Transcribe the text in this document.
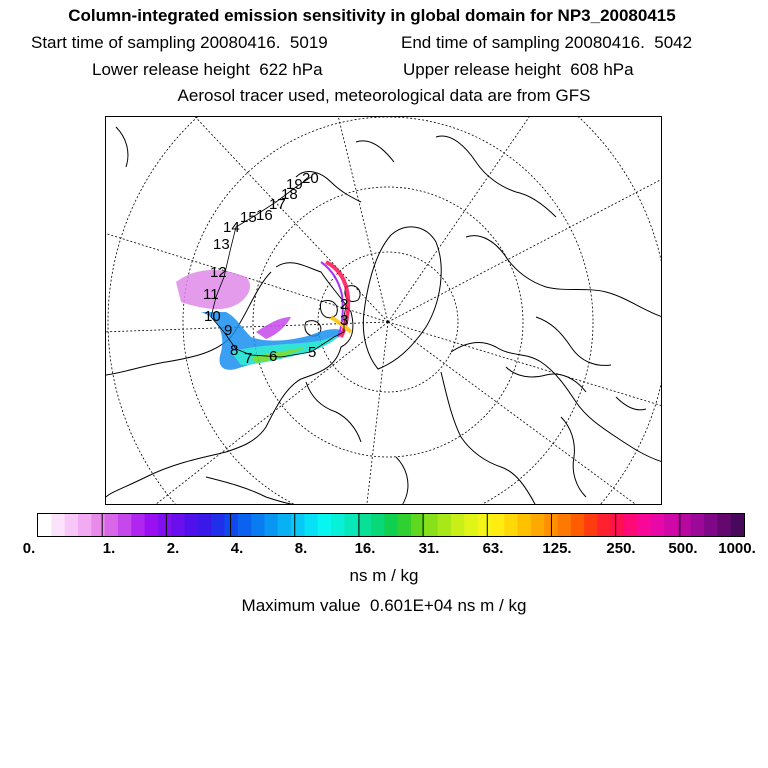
Column-integrated emission sensitivity in global domain for NP3_20080415
Start time of sampling 20080416.  5019	End time of sampling 20080416.  5042
Lower release height  622 hPa	Upper release height  608 hPa
Aerosol tracer used, meteorological data are from GFS
2
3
5
6
7
8
9
10
11
12
13
14
15 16
17
18
19 20
0.	1.	2.	4.	8.	16.	31.	63.	125. 250. 500. 1000.
ns m / kg
Maximum value  0.601E+04 ns m / kg
